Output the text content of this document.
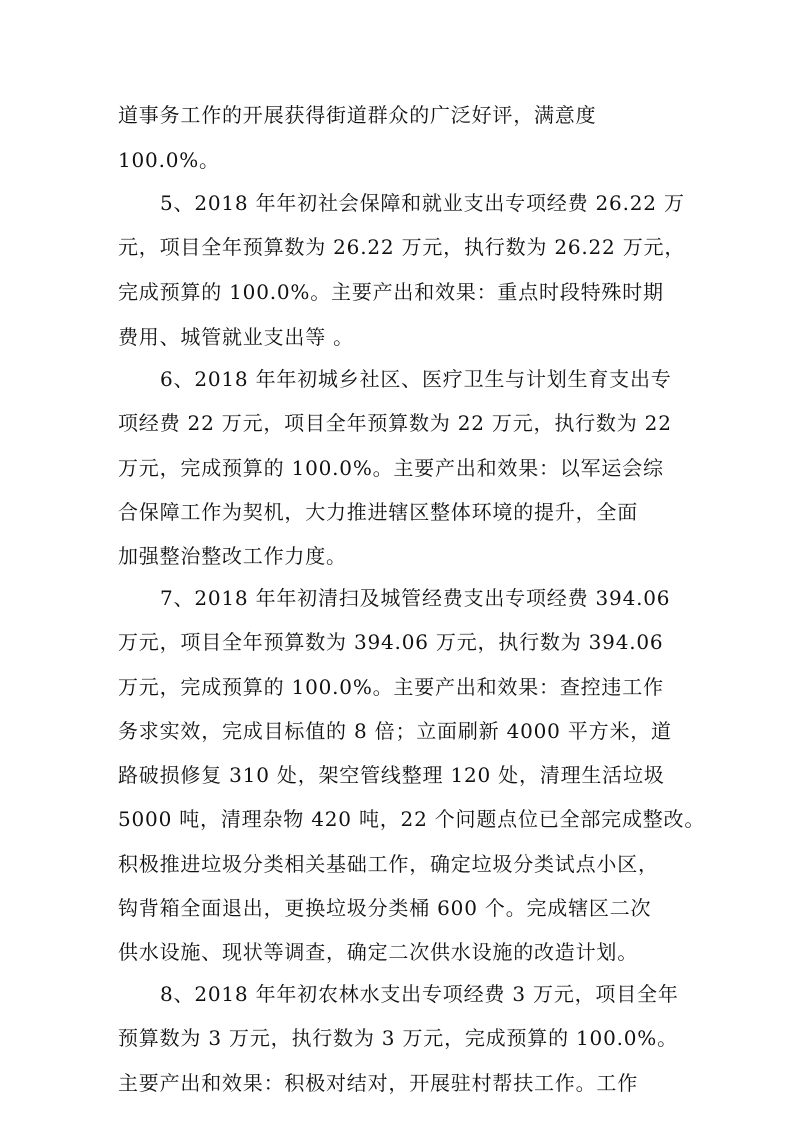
道事务工作的开展获得街道群众的广泛好评，满意度
100.0%。
5、2018 年年初社会保障和就业支出专项经费 26.22 万
元，项目全年预算数为 26.22 万元，执行数为 26.22 万元，
完成预算的 100.0%。主要产出和效果：重点时段特殊时期
费用、城管就业支出等 。
6、2018 年年初城乡社区、医疗卫生与计划生育支出专
项经费 22 万元，项目全年预算数为 22 万元，执行数为 22
万元，完成预算的 100.0%。主要产出和效果：以军运会综
合保障工作为契机，大力推进辖区整体环境的提升，全面
加强整治整改工作力度。
7、2018 年年初清扫及城管经费支出专项经费 394.06
万元，项目全年预算数为 394.06 万元，执行数为 394.06
万元，完成预算的 100.0%。主要产出和效果：查控违工作
务求实效，完成目标值的 8 倍；立面刷新 4000 平方米，道
路破损修复 310 处，架空管线整理 120 处，清理生活垃圾
5000 吨，清理杂物 420 吨，22 个问题点位已全部完成整改。
积极推进垃圾分类相关基础工作，确定垃圾分类试点小区，
钩背箱全面退出，更换垃圾分类桶 600 个。完成辖区二次
供水设施、现状等调查，确定二次供水设施的改造计划。
8、2018 年年初农林水支出专项经费 3 万元，项目全年
预算数为 3 万元，执行数为 3 万元，完成预算的 100.0%。
主要产出和效果：积极对结对，开展驻村帮扶工作。工作
